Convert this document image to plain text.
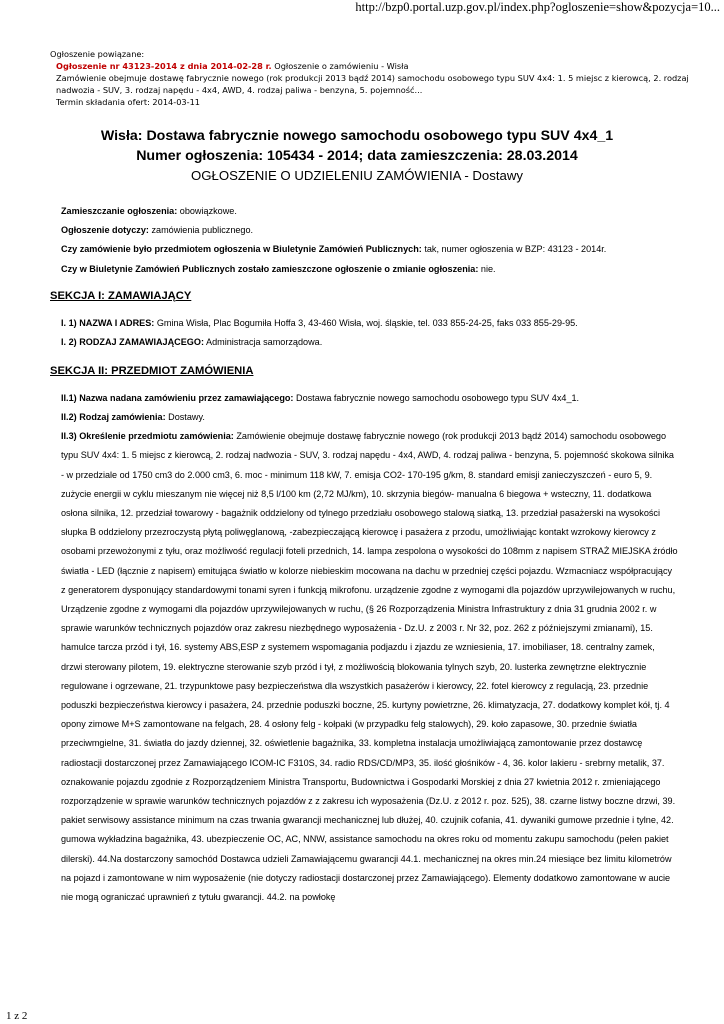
http://bzp0.portal.uzp.gov.pl/index.php?ogloszenie=show&pozycja=10...
Ogłoszenie powiązane:
Ogłoszenie nr 43123-2014 z dnia 2014-02-28 r. Ogłoszenie o zamówieniu - Wisła
Zamówienie obejmuje dostawę fabrycznie nowego (rok produkcji 2013 bądź 2014) samochodu osobowego typu SUV 4x4: 1. 5 miejsc z kierowcą, 2. rodzaj nadwozia - SUV, 3. rodzaj napędu - 4x4, AWD, 4. rodzaj paliwa - benzyna, 5. pojemność...
Termin składania ofert: 2014-03-11
Wisła: Dostawa fabrycznie nowego samochodu osobowego typu SUV 4x4_1
Numer ogłoszenia: 105434 - 2014; data zamieszczenia: 28.03.2014
OGŁOSZENIE O UDZIELENIU ZAMÓWIENIA - Dostawy

Zamieszczanie ogłoszenia: obowiązkowe.

Ogłoszenie dotyczy: zamówienia publicznego.

Czy zamówienie było przedmiotem ogłoszenia w Biuletynie Zamówień Publicznych: tak, numer ogłoszenia w BZP: 43123 - 2014r.

Czy w Biuletynie Zamówień Publicznych zostało zamieszczone ogłoszenie o zmianie ogłoszenia: nie.

SEKCJA I: ZAMAWIAJĄCY

I. 1) NAZWA I ADRES: Gmina Wisła, Plac Bogumiła Hoffa 3, 43-460 Wisła, woj. śląskie, tel. 033 855-24-25, faks 033 855-29-95.

I. 2) RODZAJ ZAMAWIAJĄCEGO: Administracja samorządowa.

SEKCJA II: PRZEDMIOT ZAMÓWIENIA

II.1) Nazwa nadana zamówieniu przez zamawiającego: Dostawa fabrycznie nowego samochodu osobowego typu SUV 4x4_1.

II.2) Rodzaj zamówienia: Dostawy.

II.3) Określenie przedmiotu zamówienia: Zamówienie obejmuje dostawę fabrycznie nowego (rok produkcji 2013 bądź 2014) samochodu osobowego typu SUV 4x4: 1. 5 miejsc z kierowcą, 2. rodzaj nadwozia - SUV, 3. rodzaj napędu - 4x4, AWD, 4. rodzaj paliwa - benzyna, 5. pojemność skokowa silnika - w przedziale od 1750 cm3 do 2.000 cm3, 6. moc - minimum 118 kW, 7. emisja CO2- 170-195 g/km, 8. standard emisji zanieczyszczeń - euro 5, 9. zużycie energii w cyklu mieszanym nie więcej niż 8,5 l/100 km (2,72 MJ/km), 10. skrzynia biegów- manualna 6 biegowa + wsteczny, 11. dodatkowa osłona silnika, 12. przedział towarowy - bagażnik oddzielony od tylnego przedziału osobowego stalową siatką, 13. przedział pasażerski na wysokości słupka B oddzielony przezroczystą płytą poliwęglanową, -zabezpieczającą kierowcę i pasażera z przodu, umożliwiając kontakt wzrokowy kierowcy z osobami przewożonymi z tyłu, oraz możliwość regulacji foteli przednich, 14. lampa zespolona o wysokości do 108mm z napisem STRAŻ MIEJSKA źródło światła - LED (łącznie z napisem) emitująca światło w kolorze niebieskim mocowana na dachu w przedniej części pojazdu. Wzmacniacz współpracujący z generatorem dysponujący standardowymi tonami syren i funkcją mikrofonu. urządzenie zgodne z wymogami dla pojazdów uprzywilejowanych w ruchu, Urządzenie zgodne z wymogami dla pojazdów uprzywilejowanych w ruchu, (§ 26 Rozporządzenia Ministra Infrastruktury z dnia 31 grudnia 2002 r. w sprawie warunków technicznych pojazdów oraz zakresu niezbędnego wyposażenia - Dz.U. z 2003 r. Nr 32, poz. 262 z późniejszymi zmianami), 15. hamulce tarcza przód i tył, 16. systemy ABS,ESP z systemem wspomagania podjazdu i zjazdu ze wzniesienia, 17. imobiliaser, 18. centralny zamek, drzwi sterowany pilotem, 19. elektryczne sterowanie szyb przód i tył, z możliwością blokowania tylnych szyb, 20. lusterka zewnętrzne elektrycznie regulowane i ogrzewane, 21. trzypunktowe pasy bezpieczeństwa dla wszystkich pasażerów i kierowcy, 22. fotel kierowcy z regulacją, 23. przednie poduszki bezpieczeństwa kierowcy i pasażera, 24. przednie poduszki boczne, 25. kurtyny powietrzne, 26. klimatyzacja, 27. dodatkowy komplet kół, tj. 4 opony zimowe M+S zamontowane na felgach, 28. 4 osłony felg - kołpaki (w przypadku felg stalowych), 29. koło zapasowe, 30. przednie światła przeciwmgielne, 31. światła do jazdy dziennej, 32. oświetlenie bagażnika, 33. kompletna instalacja umożliwiającą zamontowanie przez dostawcę radiostacji dostarczonej przez Zamawiającego ICOM-IC F310S, 34. radio RDS/CD/MP3, 35. ilość głośników - 4, 36. kolor lakieru - srebrny metalik, 37. oznakowanie pojazdu zgodnie z Rozporządzeniem Ministra Transportu, Budownictwa i Gospodarki Morskiej z dnia 27 kwietnia 2012 r. zmieniającego rozporządzenie w sprawie warunków technicznych pojazdów z z zakresu ich wyposażenia (Dz.U. z 2012 r. poz. 525), 38. czarne listwy boczne drzwi, 39. pakiet serwisowy assistance minimum na czas trwania gwarancji mechanicznej lub dłużej, 40. czujnik cofania, 41. dywaniki gumowe przednie i tylne, 42. gumowa wykładzina bagażnika, 43. ubezpieczenie OC, AC, NNW, assistance samochodu na okres roku od momentu zakupu samochodu (pełen pakiet dilerski). 44.Na dostarczony samochód Dostawca udzieli Zamawiającemu gwarancji 44.1. mechanicznej na okres min.24 miesiące bez limitu kilometrów na pojazd i zamontowane w nim wyposażenie (nie dotyczy radiostacji dostarczonej przez Zamawiającego). Elementy dodatkowo zamontowane w aucie nie mogą ograniczać uprawnień z tytułu gwarancji. 44.2. na powłokę

1 z 2
